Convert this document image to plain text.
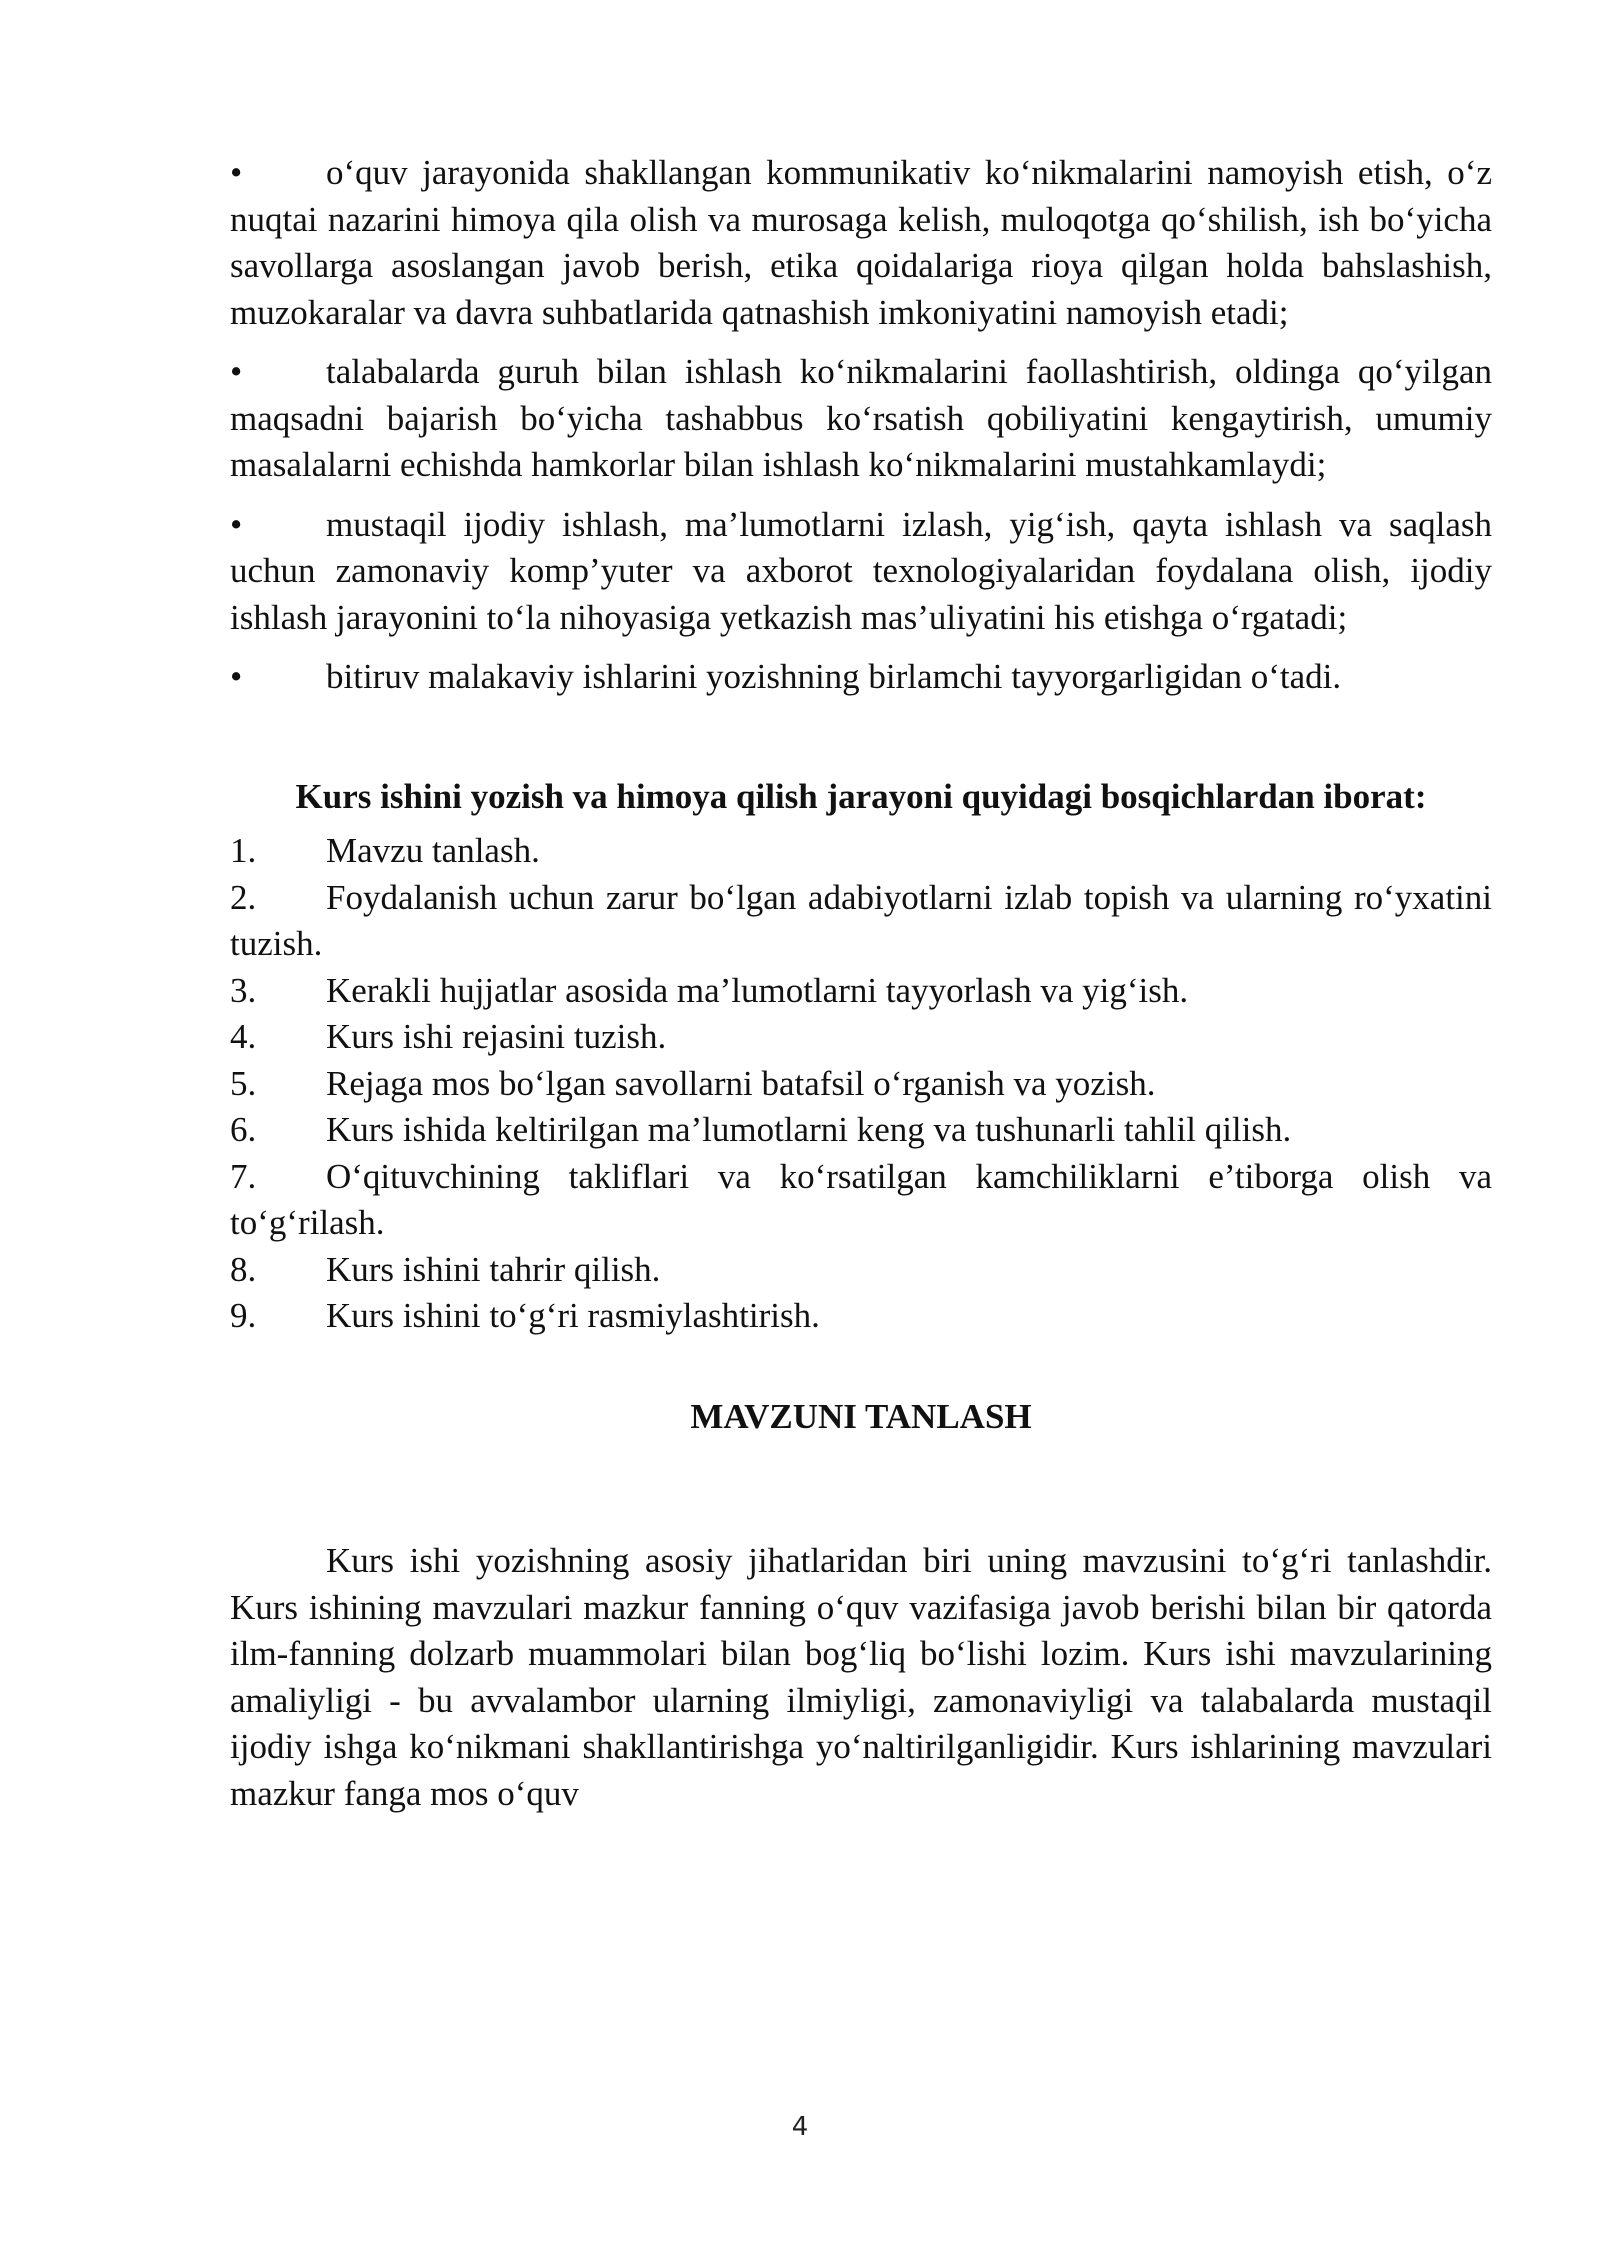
• o‘quv jarayonida shakllangan kommunikativ ko‘nikmalarini namoyish etish, o‘z nuqtai nazarini himoya qila olish va murosaga kelish, muloqotga qo‘shilish, ish bo‘yicha savollarga asoslangan javob berish, etika qoidalariga rioya qilgan holda bahslashish, muzokaralar va davra suhbatlarida qatnashish imkoniyatini namoyish etadi;

• talabalarda guruh bilan ishlash ko‘nikmalarini faollashtirish, oldinga qo‘yilgan maqsadni bajarish bo‘yicha tashabbus ko‘rsatish qobiliyatini kengaytirish, umumiy masalalarni echishda hamkorlar bilan ishlash ko‘nikmalarini mustahkamlaydi;

• mustaqil ijodiy ishlash, ma’lumotlarni izlash, yig‘ish, qayta ishlash va saqlash uchun zamonaviy komp’yuter va axborot texnologiyalaridan foydalana olish, ijodiy ishlash jarayonini to‘la nihoyasiga yetkazish mas’uliyatini his etishga o‘rgatadi;

• bitiruv malakaviy ishlarini yozishning birlamchi tayyorgarligidan o‘tadi.

Kurs ishini yozish va himoya qilish jarayoni quyidagi bosqichlardan iborat:

1. Mavzu tanlash.
2. Foydalanish uchun zarur bo‘lgan adabiyotlarni izlab topish va ularning ro‘yxatini tuzish.
3. Kerakli hujjatlar asosida ma’lumotlarni tayyorlash va yig‘ish.
4. Kurs ishi rejasini tuzish.
5. Rejaga mos bo‘lgan savollarni batafsil o‘rganish va yozish.
6. Kurs ishida keltirilgan ma’lumotlarni keng va tushunarli tahlil qilish.
7. O‘qituvchining takliflari va ko‘rsatilgan kamchiliklarni e’tiborga olish va to‘g‘rilash.
8. Kurs ishini tahrir qilish.
9. Kurs ishini to‘g‘ri rasmiylashtirish.
MAVZUNI TANLASH

Kurs ishi yozishning asosiy jihatlaridan biri uning mavzusini to‘g‘ri tanlashdir. Kurs ishining mavzulari mazkur fanning o‘quv vazifasiga javob berishi bilan bir qatorda ilm-fanning dolzarb muammolari bilan bog‘liq bo‘lishi lozim. Kurs ishi mavzularining amaliyligi - bu avvalambor ularning ilmiyligi, zamonaviyligi va talabalarda mustaqil ijodiy ishga ko‘nikmani shakllantirishga yo‘naltirilganligidir. Kurs ishlarining mavzulari mazkur fanga mos o‘quv

4
